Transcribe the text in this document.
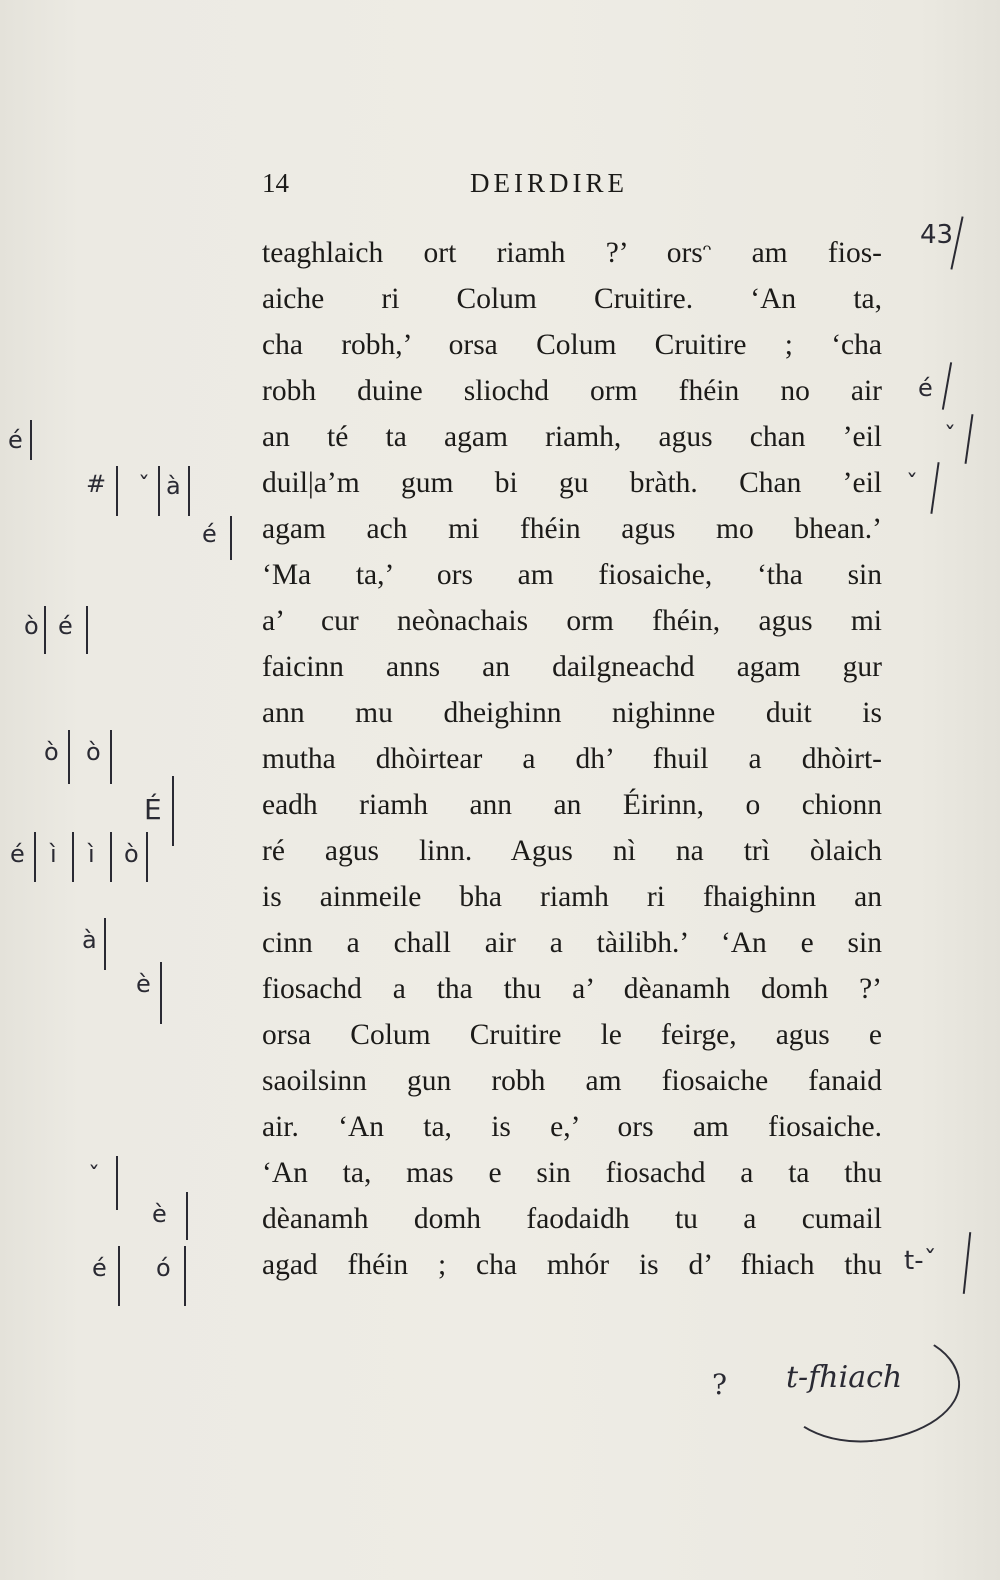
14	DEIRDIRE
teaghlaich ort riamh ?’ orsᵔ am fios-
aiche ri Colum Cruitire. ‘An ta,
cha robh,’ orsa Colum Cruitire ; ‘cha
robh duine sliochd orm fhéin no air
an té ta agam riamh, agus chan ’eil
duil|a’m gum bi gu bràth. Chan ’eil
agam ach mi fhéin agus mo bhean.’
‘Ma ta,’ ors am fiosaiche, ‘tha sin
a’ cur neònachais orm fhéin, agus mi
faicinn anns an dailgneachd agam gur
ann mu dheighinn nighinne duit is
mutha dhòirtear a dh’ fhuil a dhòirt-
eadh riamh ann an Éirinn, o chionn
ré agus linn. Agus nì na trì òlaich
is ainmeile bha riamh ri fhaighinn an
cinn a chall air a tàilibh.’ ‘An e sin
fiosachd a tha thu a’ dèanamh domh ?’
orsa Colum Cruitire le feirge, agus e
saoilsinn gun robh am fiosaiche fanaid
air. ‘An ta, is e,’ ors am fiosaiche.
‘An ta, mas e sin fiosachd a ta thu
dèanamh domh faodaidh tu a cumail
agad fhéin ; cha mhór is d’ fhiach thu
é
# ˇ à
é
ò é
ò ò
É
é ì ì ò
à
è
ˇ
è
é ó
43
é
ˇ
ˇ
t-ˇ
? t-fhiach
